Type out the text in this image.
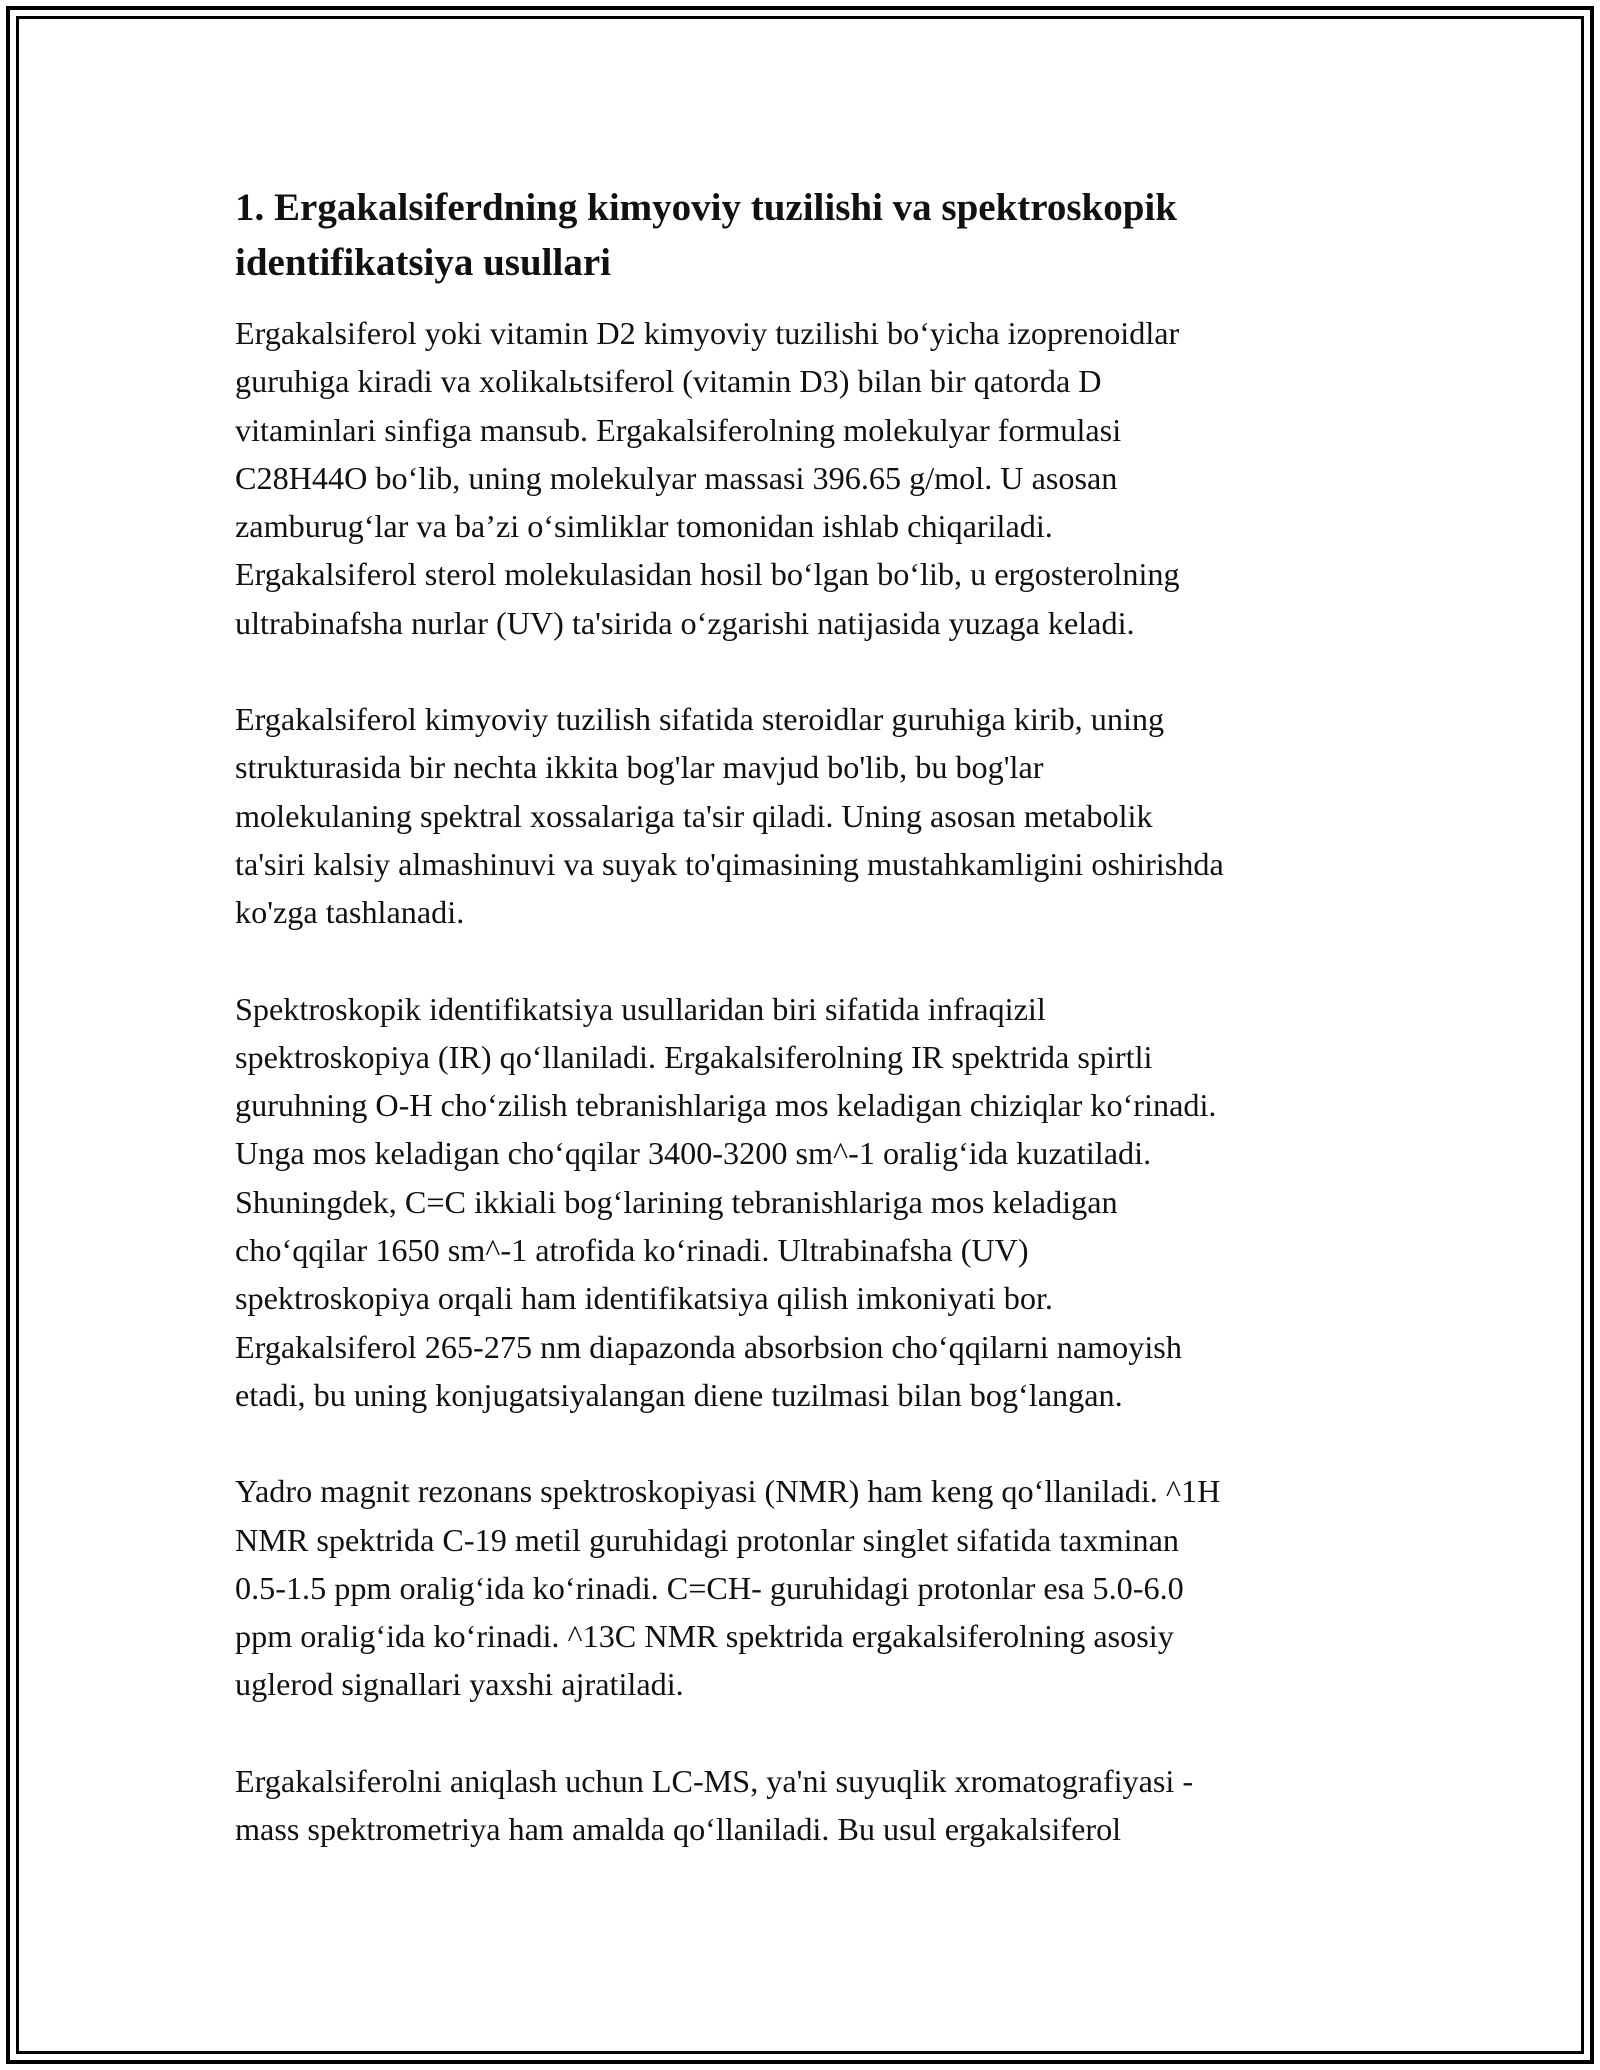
1. Ergakalsiferdning kimyoviy tuzilishi va spektroskopik identifikatsiya usullari

Ergakalsiferol yoki vitamin D2 kimyoviy tuzilishi boʻyicha izoprenoidlar
guruhiga kiradi va xolikalьtsiferol (vitamin D3) bilan bir qatorda D
vitaminlari sinfiga mansub. Ergakalsiferolning molekulyar formulasi
C28H44O boʻlib, uning molekulyar massasi 396.65 g/mol. U asosan
zamburugʻlar va baʼzi oʻsimliklar tomonidan ishlab chiqariladi.
Ergakalsiferol sterol molekulasidan hosil boʻlgan boʻlib, u ergosterolning
ultrabinafsha nurlar (UV) ta'sirida oʻzgarishi natijasida yuzaga keladi.

Ergakalsiferol kimyoviy tuzilish sifatida steroidlar guruhiga kirib, uning
strukturasida bir nechta ikkita bog'lar mavjud bo'lib, bu bog'lar
molekulaning spektral xossalariga ta'sir qiladi. Uning asosan metabolik
ta'siri kalsiy almashinuvi va suyak to'qimasining mustahkamligini oshirishda
ko'zga tashlanadi.

Spektroskopik identifikatsiya usullaridan biri sifatida infraqizil
spektroskopiya (IR) qoʻllaniladi. Ergakalsiferolning IR spektrida spirtli
guruhning O-H choʻzilish tebranishlariga mos keladigan chiziqlar koʻrinadi.
Unga mos keladigan choʻqqilar 3400-3200 sm^-1 oraligʻida kuzatiladi.
Shuningdek, C=C ikkiali bogʻlarining tebranishlariga mos keladigan
choʻqqilar 1650 sm^-1 atrofida koʻrinadi. Ultrabinafsha (UV)
spektroskopiya orqali ham identifikatsiya qilish imkoniyati bor.
Ergakalsiferol 265-275 nm diapazonda absorbsion choʻqqilarni namoyish
etadi, bu uning konjugatsiyalangan diene tuzilmasi bilan bogʻlangan.

Yadro magnit rezonans spektroskopiyasi (NMR) ham keng qoʻllaniladi. ^1H
NMR spektrida C-19 metil guruhidagi protonlar singlet sifatida taxminan
0.5-1.5 ppm oraligʻida koʻrinadi. C=CH- guruhidagi protonlar esa 5.0-6.0
ppm oraligʻida koʻrinadi. ^13C NMR spektrida ergakalsiferolning asosiy
uglerod signallari yaxshi ajratiladi.

Ergakalsiferolni aniqlash uchun LC-MS, ya'ni suyuqlik xromatografiyasi -
mass spektrometriya ham amalda qoʻllaniladi. Bu usul ergakalsiferol
